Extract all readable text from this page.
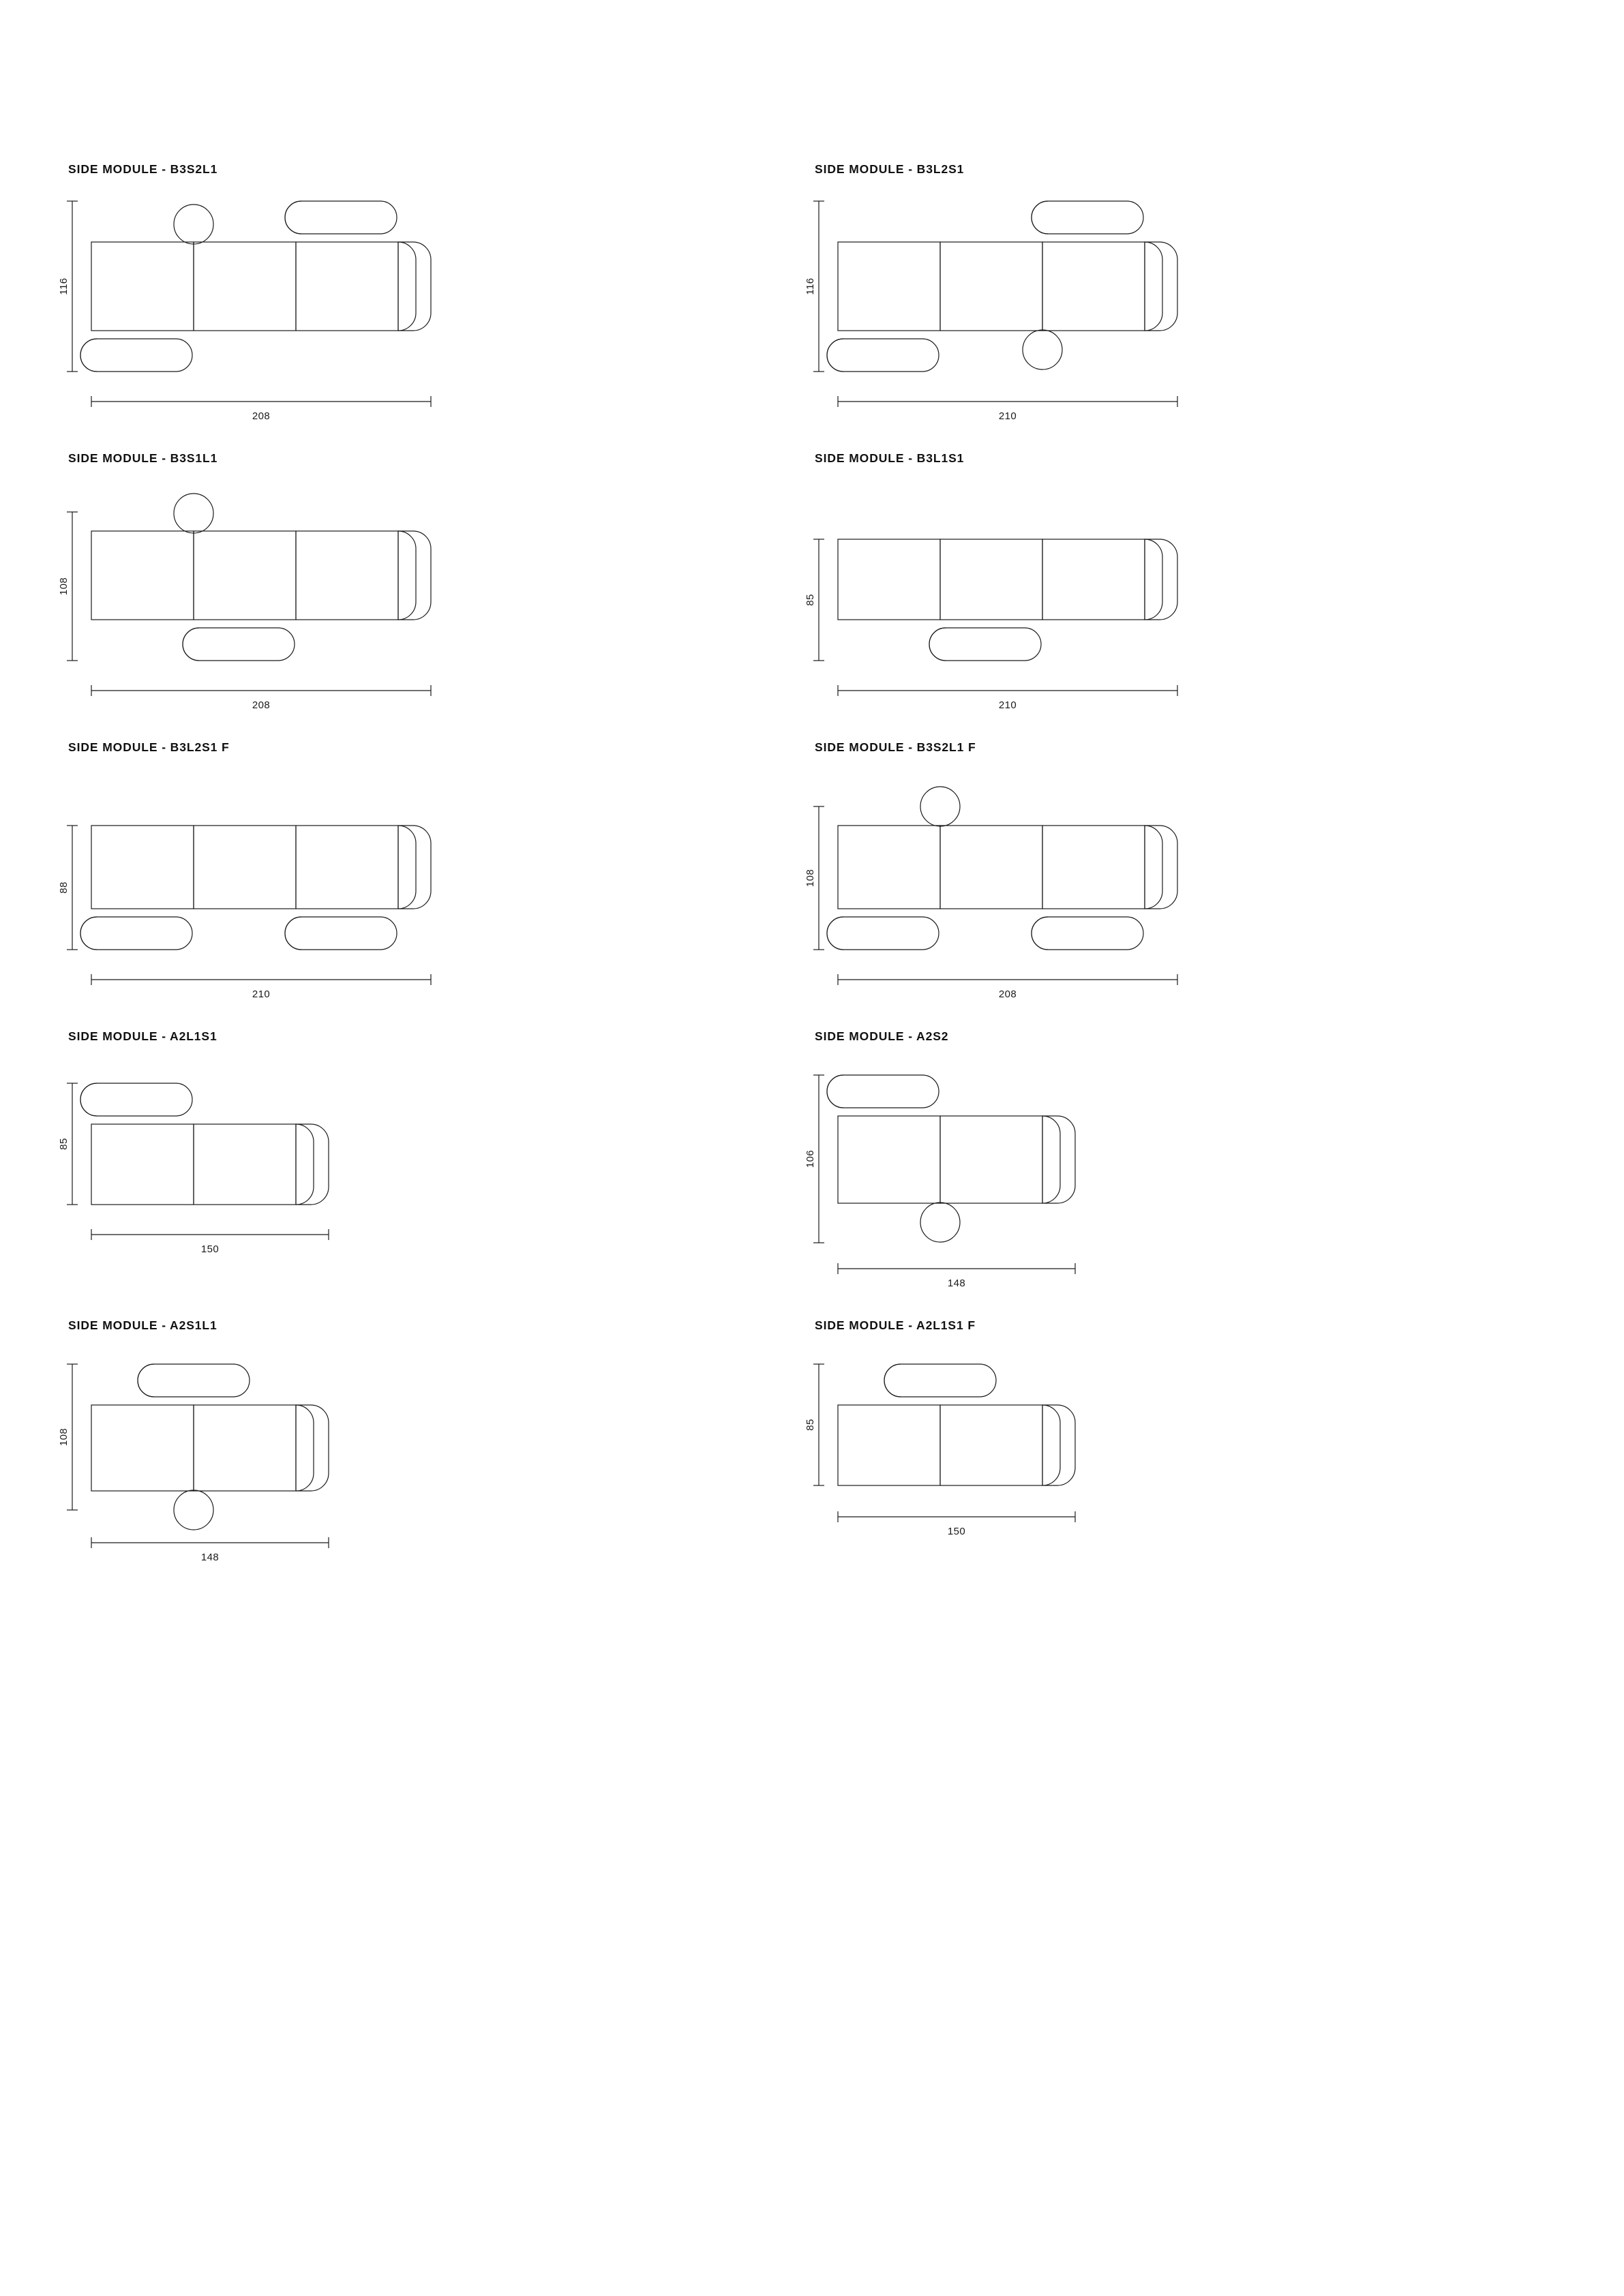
SIDE MODULE - B3S2L1
116
208
SIDE MODULE - B3L2S1
116
210
SIDE MODULE - B3S1L1
108
208
SIDE MODULE - B3L1S1
85
210
SIDE MODULE - B3L2S1 F
88
210
SIDE MODULE - B3S2L1 F
108
208
SIDE MODULE - A2L1S1
85
150
SIDE MODULE - A2S2
106
148
SIDE MODULE - A2S1L1
108
148
SIDE MODULE - A2L1S1 F
85
150
